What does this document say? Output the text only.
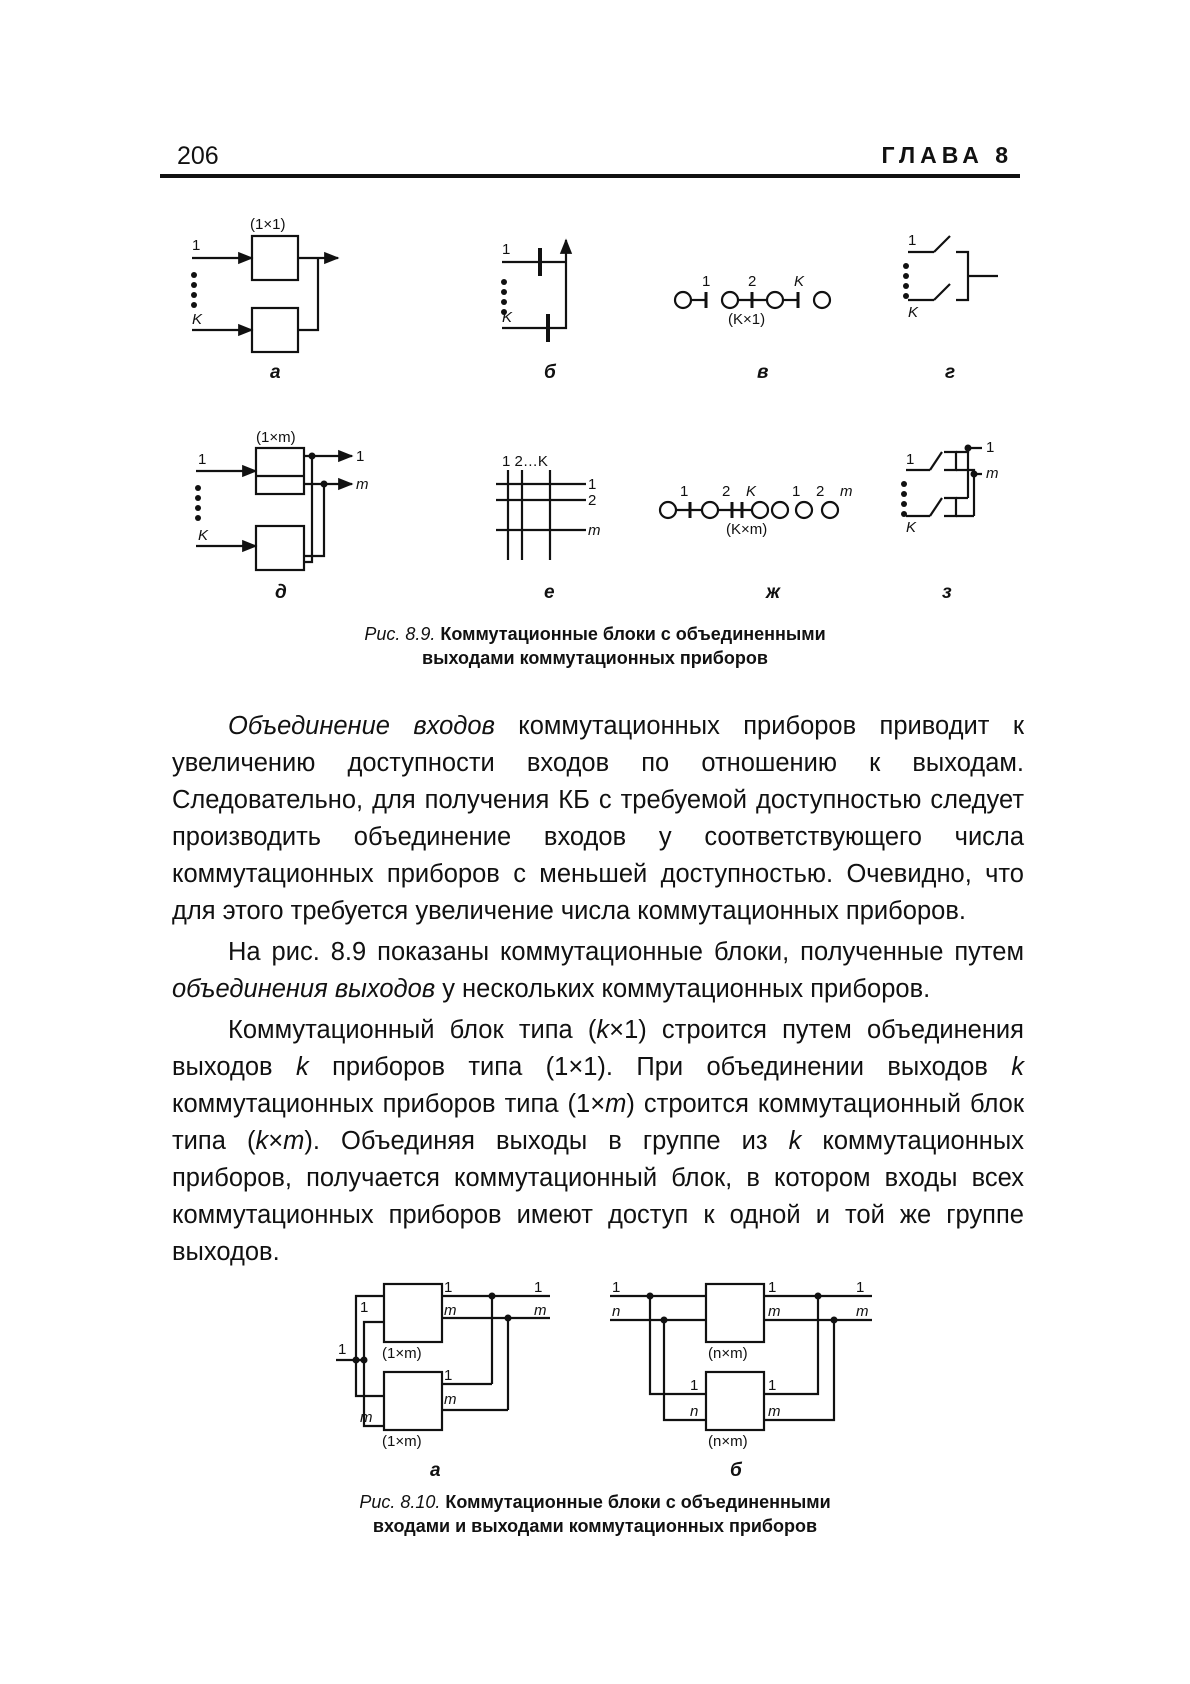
206	ГЛАВА 8
(1×1)
1
K
1
K
1	2	K
(K×1)
1
K
(1×m)
1
K
1
m
1 2…K
1
2
m
1 2 K 1 2 m
(K×m)
1
K
1
m
1
m
1
m
1
m
1
1
m
(1×m)
(1×m)
1
n
1
m
1
m
1
n
1
m
(n×m)
(n×m)
а	б	в	г
д	е	ж	з
а	б
Рис. 8.9. Коммутационные блоки с объединенными
выходами коммутационных приборов

Объединение входов коммутационных приборов приводит к увеличению доступности входов по отношению к выходам. Следовательно, для получения КБ с требуемой доступностью следует производить объединение входов у соответствующего числа коммутационных приборов с меньшей доступностью. Очевидно, что для этого требуется увеличение числа коммутационных приборов.

На рис. 8.9 показаны коммутационные блоки, полученные путем объединения выходов у нескольких коммутационных приборов.

Коммутационный блок типа (k×1) строится путем объединения выходов k приборов типа (1×1). При объединении выходов k коммутационных приборов типа (1×m) строится коммутационный блок типа (k×m). Объединяя выходы в группе из k коммутационных приборов, получается коммутационный блок, в котором входы всех коммутационных приборов имеют доступ к одной и той же группе выходов.

Рис. 8.10. Коммутационные блоки с объединенными
входами и выходами коммутационных приборов
